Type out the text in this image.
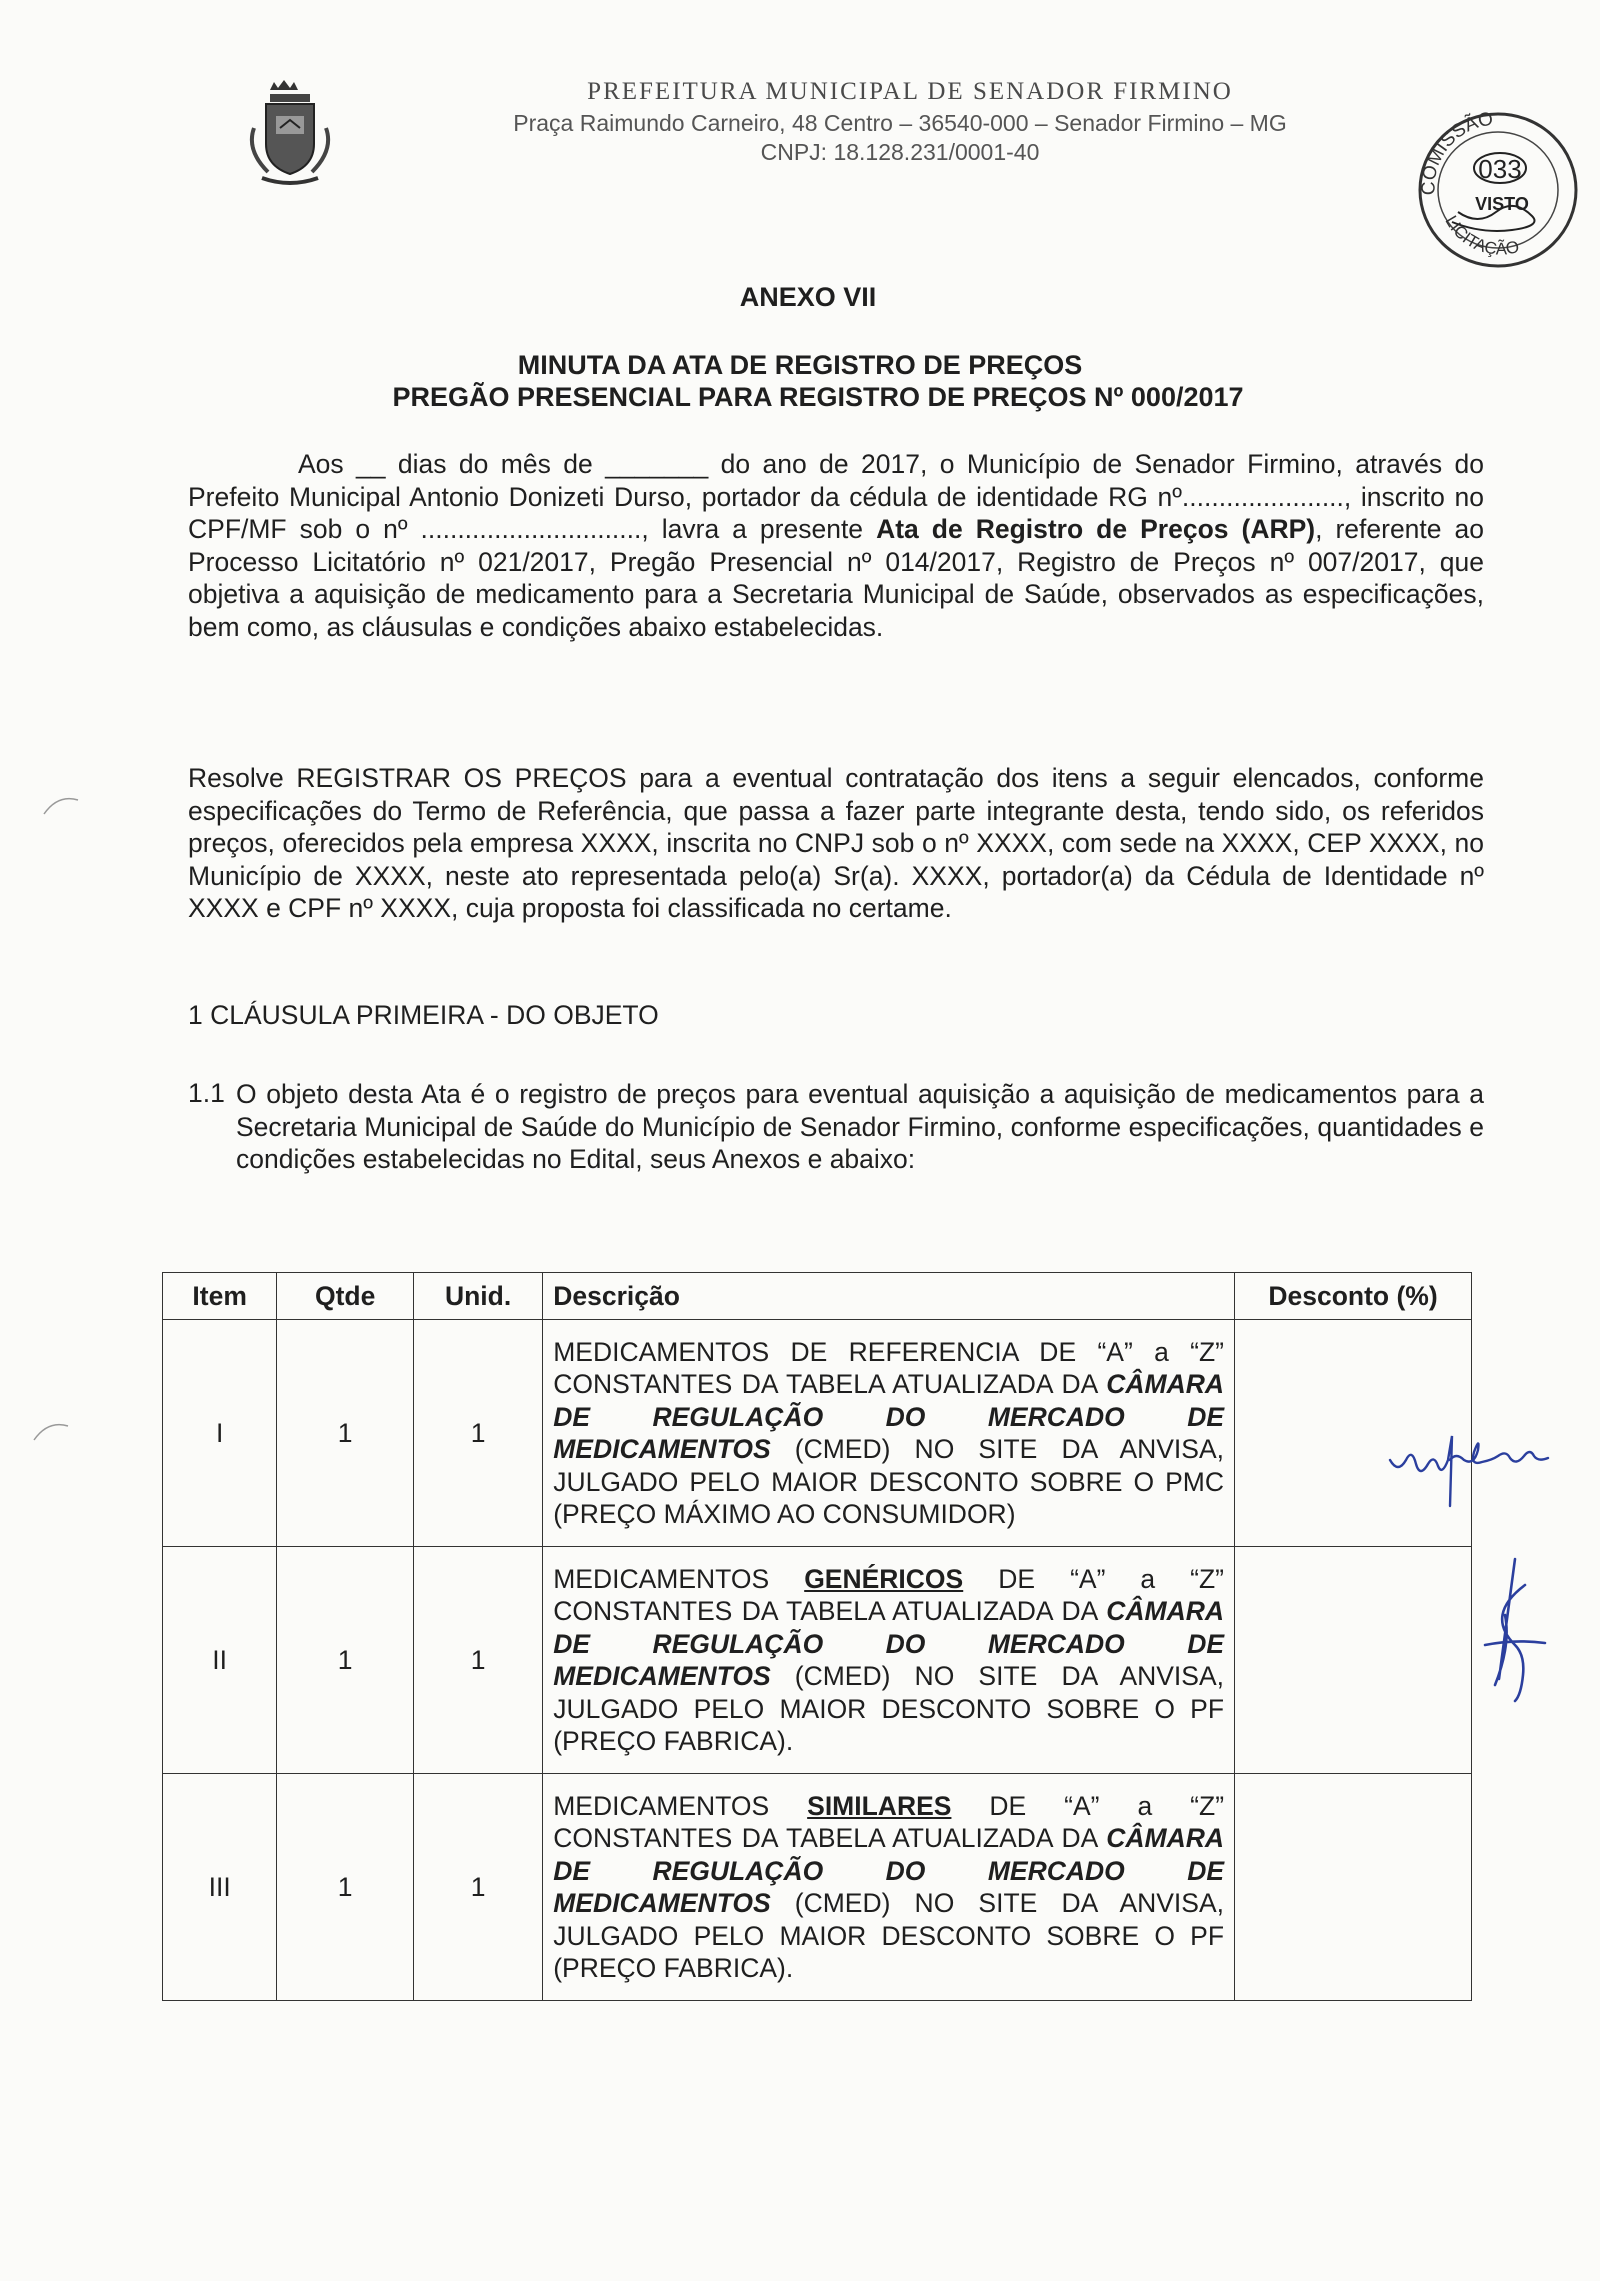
PREFEITURA MUNICIPAL DE SENADOR FIRMINO
Praça Raimundo Carneiro, 48 Centro – 36540-000 – Senador Firmino – MG
CNPJ: 18.128.231/0001-40
COMISSÃO
LICITAÇÃO
033
VISTO
ANEXO VII
MINUTA DA ATA DE REGISTRO DE PREÇOS
PREGÃO PRESENCIAL PARA REGISTRO DE PREÇOS Nº 000/2017
Aos __ dias do mês de _______ do ano de 2017, o Município de Senador Firmino, através do Prefeito Municipal Antonio Donizeti Durso, portador da cédula de identidade RG nº......................, inscrito no CPF/MF sob o nº .............................., lavra a presente Ata de Registro de Preços (ARP), referente ao Processo Licitatório nº 021/2017, Pregão Presencial nº 014/2017, Registro de Preços nº 007/2017, que objetiva a aquisição de medicamento para a Secretaria Municipal de Saúde, observados as especificações, bem como, as cláusulas e condições abaixo estabelecidas.
Resolve REGISTRAR OS PREÇOS para a eventual contratação dos itens a seguir elencados, conforme especificações do Termo de Referência, que passa a fazer parte integrante desta, tendo sido, os referidos preços, oferecidos pela empresa XXXX, inscrita no CNPJ sob o nº XXXX, com sede na XXXX, CEP XXXX, no Município de XXXX, neste ato representada pelo(a) Sr(a). XXXX, portador(a) da Cédula de Identidade nº XXXX e CPF nº XXXX, cuja proposta foi classificada no certame.
1 CLÁUSULA PRIMEIRA - DO OBJETO
1.1 O objeto desta Ata é o registro de preços para eventual aquisição a aquisição de medicamentos para a Secretaria Municipal de Saúde do Município de Senador Firmino, conforme especificações, quantidades e condições estabelecidas no Edital, seus Anexos e abaixo:
Item	Qtde	Unid.	Descrição	Desconto (%)
I	1	1	MEDICAMENTOS DE REFERENCIA DE “A” a “Z” CONSTANTES DA TABELA ATUALIZADA DA CÂMARA DE REGULAÇÃO DO MERCADO DE MEDICAMENTOS (CMED) NO SITE DA ANVISA, JULGADO PELO MAIOR DESCONTO SOBRE O PMC (PREÇO MÁXIMO AO CONSUMIDOR)	
II	1	1	MEDICAMENTOS GENÉRICOS DE “A” a “Z” CONSTANTES DA TABELA ATUALIZADA DA CÂMARA DE REGULAÇÃO DO MERCADO DE MEDICAMENTOS (CMED) NO SITE DA ANVISA, JULGADO PELO MAIOR DESCONTO SOBRE O PF (PREÇO FABRICA).	
III	1	1	MEDICAMENTOS SIMILARES DE “A” a “Z” CONSTANTES DA TABELA ATUALIZADA DA CÂMARA DE REGULAÇÃO DO MERCADO DE MEDICAMENTOS (CMED) NO SITE DA ANVISA, JULGADO PELO MAIOR DESCONTO SOBRE O PF (PREÇO FABRICA).	
